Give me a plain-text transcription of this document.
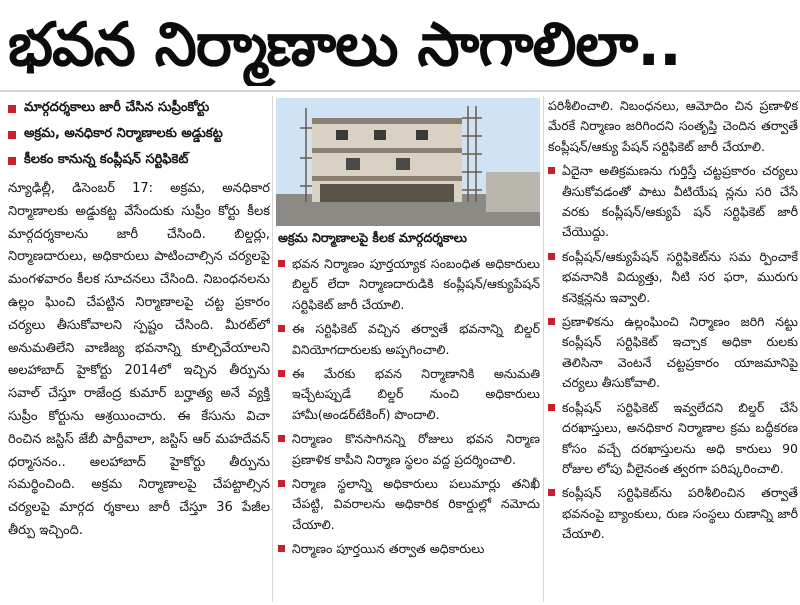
భవన నిర్మాణాలు సాగాలిలా..
మార్గదర్శకాలు జారీ చేసిన సుప్రీంకోర్టు
అక్రమ, అనధికార నిర్మాణాలకు అడ్డుకట్ట
కీలకం కానున్న కంప్లీషన్ సర్టిఫికెట్

న్యూఢిల్లీ, డిసెంబర్ 17: అక్రమ, అనధికార నిర్మాణాలకు అడ్డుకట్ట వేసేందుకు సుప్రీం కోర్టు కీలక మార్గదర్శకాలను జారీ చేసింది. బిల్డర్లు, నిర్మాణదారులు, అధికారులు పాటించాల్సిన చర్యలపై మంగళవారం కీలక సూచనలు చేసింది. నిబంధనలను ఉల్లం ఘించి చేపట్టిన నిర్మాణాలపై చట్ట ప్రకారం చర్యలు తీసుకోవాలని స్పష్టం చేసింది. మీరట్‌లో అనుమతిలేని వాణిజ్య భవనాన్ని కూల్చివేయాలని అలహాబాద్ హైకోర్టు 2014లో ఇచ్చిన తీర్పును సవాల్ చేస్తూ రాజేంద్ర కుమార్ బర్హాత్య అనే వ్యక్తి సుప్రీం కోర్టును ఆశ్రయించారు. ఈ కేసును విచా రించిన జస్టిస్ జేబీ పార్దీవాలా, జస్టిస్ ఆర్ మహదేవన్ ధర్మాసనం.. అలహాబాద్ హైకోర్టు తీర్పును సమర్థించింది. అక్రమ నిర్మాణాలపై చేపట్టాల్సిన చర్యలపై మార్గద ర్శకాలు జారీ చేస్తూ 36 పేజీల తీర్పు ఇచ్చింది.

అక్రమ నిర్మాణాలపై కీలక మార్గదర్శకాలు
భవన నిర్మాణం పూర్తయ్యాక సంబంధిత అధికారులు బిల్డర్ లేదా నిర్మాణదారుడికి కంప్లీషన్/ఆక్యుపేషన్ సర్టిఫికెట్ జారీ చేయాలి.
ఈ సర్టిఫికెట్ వచ్చిన తర్వాతే భవనాన్ని బిల్డర్ వినియోగదారులకు అప్పగించాలి.
ఈ మేరకు భవన నిర్మాణానికి అనుమతి ఇచ్చేటప్పుడే బిల్డర్ నుంచి అధికారులు హామీ(అండర్‌టేకింగ్) పొందాలి.
నిర్మాణం కొనసాగినన్ని రోజులు భవన నిర్మాణ ప్రణాళిక కాపీని నిర్మాణ స్థలం వద్ద ప్రదర్శించాలి.
నిర్మాణ స్థలాన్ని అధికారులు పలుమార్లు తనిఖీ చేపట్టి, వివరాలను అధికారిక రికార్డుల్లో నమోదు చేయాలి.
నిర్మాణం పూర్తయిన తర్వాత అధికారులు
పరిశీలించాలి. నిబంధనలు, ఆమోదిం చిన ప్రణాళిక మేరకే నిర్మాణం జరిగిందని సంతృప్తి చెందిన తర్వాతే కంప్లీషన్/ఆక్యు పేషన్ సర్టిఫికెట్ జారీ చేయాలి.
ఏదైనా అతిక్రమణను గుర్తిస్తే చట్టప్రకారం చర్యలు తీసుకోవడంతో పాటు వీటియేష న్లను సరి చేసే వరకు కంప్లీషన్/ఆక్యుపే షన్ సర్టిఫికెట్ జారీ చేయొద్దు.
కంప్లీషన్/ఆక్యుపేషన్ సర్టిఫికెట్‌ను సమ ర్పించాకే భవనానికి విద్యుత్తు, నీటి సర ఫరా, మురుగు కనెక్షన్లను ఇవ్వాలి.
ప్రణాళికను ఉల్లంఘించి నిర్మాణం జరిగి నట్టు కంప్లీషన్ సర్టిఫికెట్ ఇచ్చాక అధికా రులకు తెలిసినా వెంటనే చట్టప్రకారం యాజమానిపై చర్యలు తీసుకోవాలి.
కంప్లీషన్ సర్టిఫికెట్ ఇవ్వలేదని బిల్డర్ చేసే దరఖాస్తులు, అనధికార నిర్మాణాల క్రమ బద్ధీకరణ కోసం వచ్చే దరఖాస్తులను అధి కారులు 90 రోజుల లోపు వీలైనంత త్వరగా పరిష్కరించాలి.
కంప్లీషన్ సర్టిఫికెట్‌ను పరిశీలించిన తర్వాతే భవనంపై బ్యాంకులు, రుణ సంస్థలు రుణాన్ని జారీ చేయాలి.
